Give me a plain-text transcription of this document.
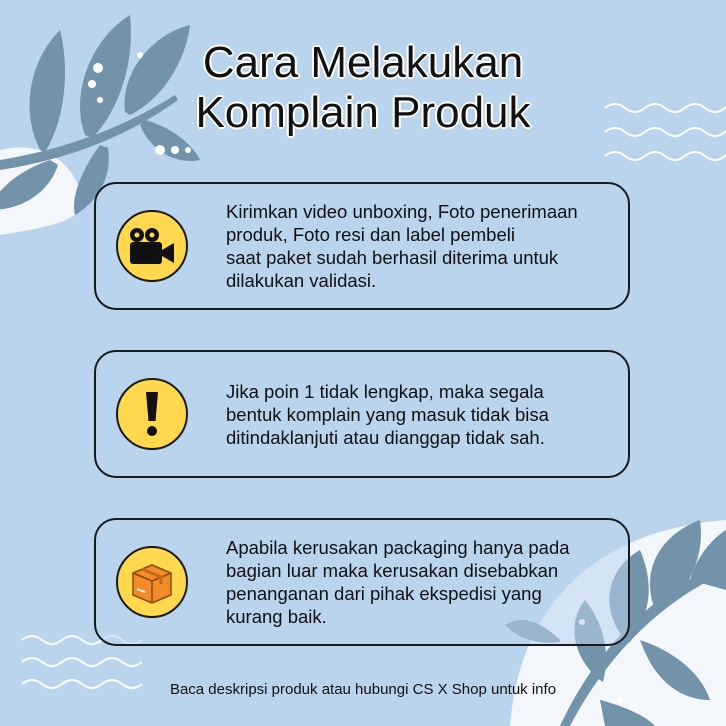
Cara Melakukan
Komplain Produk
Kirimkan video unboxing, Foto penerimaan
produk, Foto resi dan label pembeli
saat paket sudah berhasil diterima untuk
dilakukan validasi.
Jika poin 1 tidak lengkap, maka segala
bentuk komplain yang masuk tidak bisa
ditindaklanjuti atau dianggap tidak sah.
Apabila kerusakan packaging hanya pada
bagian luar maka kerusakan disebabkan
penanganan dari pihak ekspedisi yang
kurang baik.
Baca deskripsi produk atau hubungi CS X Shop untuk info
